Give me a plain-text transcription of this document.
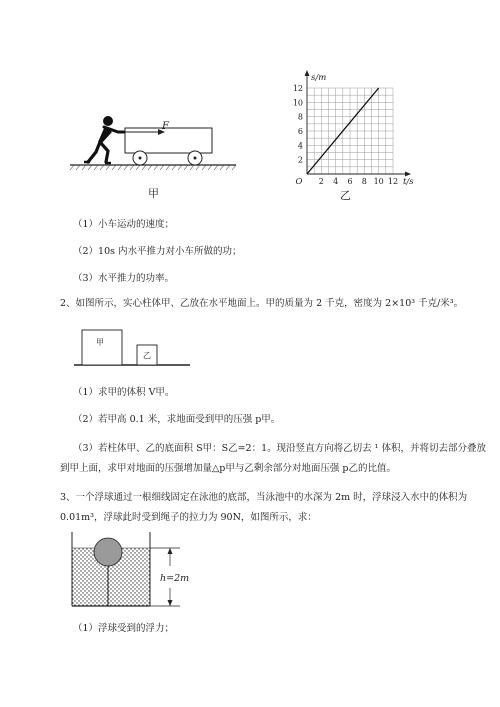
F
甲
12
10
8
6
4
2
2 4 6 8 10 12
O
s/m
t/s
乙
（1）小车运动的速度；
（2）10s 内水平推力对小车所做的功；
（3）水平推力的功率。
2、如图所示，实心柱体甲、乙放在水平地面上。甲的质量为 2 千克，密度为 2×10³ 千克/米³。
甲
乙
（1）求甲的体积 V甲。
（2）若甲高 0.1 米，求地面受到甲的压强 p甲。
（3）若柱体甲、乙的底面积 S甲：S乙=2：1。现沿竖直方向将乙切去 ¹ 体积，并将切去部分叠放
到甲上面，求甲对地面的压强增加量△p甲与乙剩余部分对地面压强 p乙的比值。
3、一个浮球通过一根细线固定在泳池的底部，当泳池中的水深为 2m 时，浮球浸入水中的体积为
0.01m³，浮球此时受到绳子的拉力为 90N，如图所示，求：
h=2m
（1）浮球受到的浮力；
